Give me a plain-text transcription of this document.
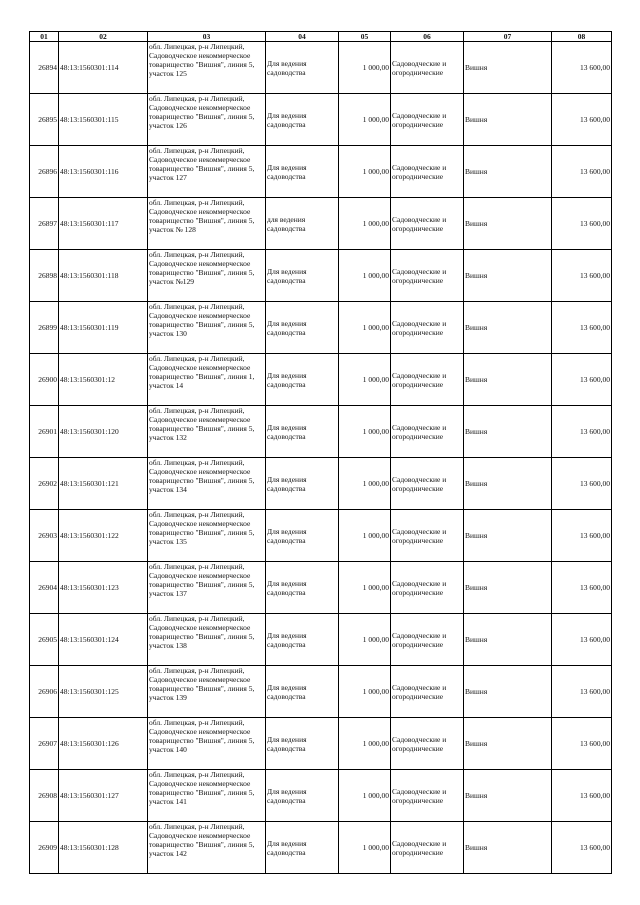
01	02	03	04	05	06	07	08
26894	48:13:1560301:114	обл. Липецкая, р-н Липецкий, Садоводческое некоммерческое товарищество "Вишня", линия 5, участок 125	Для ведения садоводства	1 000,00	Садоводческие и огороднические	Вишня	13 600,00
26895	48:13:1560301:115	обл. Липецкая, р-н Липецкий, Садоводческое некоммерческое товарищество "Вишня", линия 5, участок 126	Для ведения садоводства	1 000,00	Садоводческие и огороднические	Вишня	13 600,00
26896	48:13:1560301:116	обл. Липецкая, р-н Липецкий, Садоводческое некоммерческое товарищество "Вишня", линия 5, участок 127	Для ведения садоводства	1 000,00	Садоводческие и огороднические	Вишня	13 600,00
26897	48:13:1560301:117	обл. Липецкая, р-н Липецкий, Садоводческое некоммерческое товарищество "Вишня", линия 5, участок № 128	для ведения садоводства	1 000,00	Садоводческие и огороднические	Вишня	13 600,00
26898	48:13:1560301:118	обл. Липецкая, р-н Липецкий, Садоводческое некоммерческое товарищество "Вишня", линия 5, участок №129	Для ведения садоводства	1 000,00	Садоводческие и огороднические	Вишня	13 600,00
26899	48:13:1560301:119	обл. Липецкая, р-н Липецкий, Садоводческое некоммерческое товарищество "Вишня", линия 5, участок 130	Для ведения садоводства	1 000,00	Садоводческие и огороднические	Вишня	13 600,00
26900	48:13:1560301:12	обл. Липецкая, р-н Липецкий, Садоводческое некоммерческое товарищество "Вишня", линия 1, участок 14	Для ведения садоводства	1 000,00	Садоводческие и огороднические	Вишня	13 600,00
26901	48:13:1560301:120	обл. Липецкая, р-н Липецкий, Садоводческое некоммерческое товарищество "Вишня", линия 5, участок 132	Для ведения садоводства	1 000,00	Садоводческие и огороднические	Вишня	13 600,00
26902	48:13:1560301:121	обл. Липецкая, р-н Липецкий, Садоводческое некоммерческое товарищество "Вишня", линия 5, участок 134	Для ведения садоводства	1 000,00	Садоводческие и огороднические	Вишня	13 600,00
26903	48:13:1560301:122	обл. Липецкая, р-н Липецкий, Садоводческое некоммерческое товарищество "Вишня", линия 5, участок 135	Для ведения садоводства	1 000,00	Садоводческие и огороднические	Вишня	13 600,00
26904	48:13:1560301:123	обл. Липецкая, р-н Липецкий, Садоводческое некоммерческое товарищество "Вишня", линия 5, участок 137	Для ведения садоводства	1 000,00	Садоводческие и огороднические	Вишня	13 600,00
26905	48:13:1560301:124	обл. Липецкая, р-н Липецкий, Садоводческое некоммерческое товарищество "Вишня", линия 5, участок 138	Для ведения садоводства	1 000,00	Садоводческие и огороднические	Вишня	13 600,00
26906	48:13:1560301:125	обл. Липецкая, р-н Липецкий, Садоводческое некоммерческое товарищество "Вишня", линия 5, участок 139	Для ведения садоводства	1 000,00	Садоводческие и огороднические	Вишня	13 600,00
26907	48:13:1560301:126	обл. Липецкая, р-н Липецкий, Садоводческое некоммерческое товарищество "Вишня", линия 5, участок 140	Для ведения садоводства	1 000,00	Садоводческие и огороднические	Вишня	13 600,00
26908	48:13:1560301:127	обл. Липецкая, р-н Липецкий, Садоводческое некоммерческое товарищество "Вишня", линия 5, участок 141	Для ведения садоводства	1 000,00	Садоводческие и огороднические	Вишня	13 600,00
26909	48:13:1560301:128	обл. Липецкая, р-н Липецкий, Садоводческое некоммерческое товарищество "Вишня", линия 5, участок 142	Для ведения садоводства	1 000,00	Садоводческие и огороднические	Вишня	13 600,00
